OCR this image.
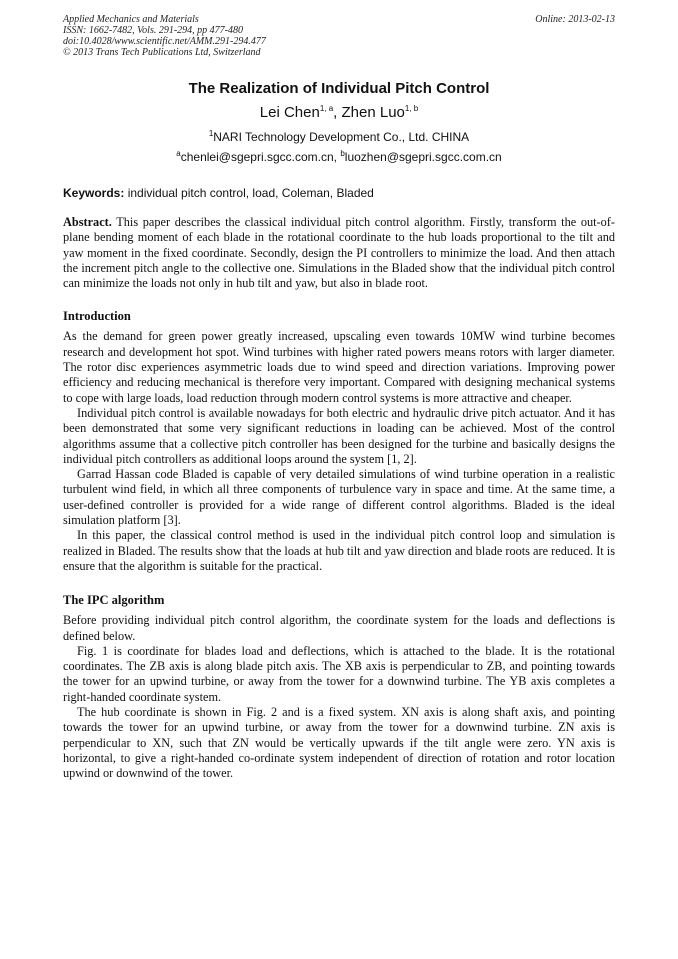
Applied Mechanics and Materials
ISSN: 1662-7482, Vols. 291-294, pp 477-480
doi:10.4028/www.scientific.net/AMM.291-294.477
© 2013 Trans Tech Publications Ltd, Switzerland
Online: 2013-02-13
The Realization of Individual Pitch Control
Lei Chen$^{1, a}$, Zhen Luo$^{1, b}$
$^1$NARI Technology Development Co., Ltd. CHINA
$^a$chenlei@sgepri.sgcc.com.cn, $^b$luozhen@sgepri.sgcc.com.cn
Keywords: individual pitch control, load, Coleman, Bladed

Abstract. This paper describes the classical individual pitch control algorithm. Firstly, transform the out-of-plane bending moment of each blade in the rotational coordinate to the hub loads proportional to the tilt and yaw moment in the fixed coordinate. Secondly, design the PI controllers to minimize the load. And then attach the increment pitch angle to the collective one. Simulations in the Bladed show that the individual pitch control can minimize the loads not only in hub tilt and yaw, but also in blade root.

Introduction

As the demand for green power greatly increased, upscaling even towards 10MW wind turbine becomes research and development hot spot. Wind turbines with higher rated powers means rotors with larger diameter. The rotor disc experiences asymmetric loads due to wind speed and direction variations. Improving power efficiency and reducing mechanical is therefore very important. Compared with designing mechanical systems to cope with large loads, load reduction through modern control systems is more attractive and cheaper.

Individual pitch control is available nowadays for both electric and hydraulic drive pitch actuator. And it has been demonstrated that some very significant reductions in loading can be achieved. Most of the control algorithms assume that a collective pitch controller has been designed for the turbine and basically designs the individual pitch controllers as additional loops around the system [1, 2].

Garrad Hassan code Bladed is capable of very detailed simulations of wind turbine operation in a realistic turbulent wind field, in which all three components of turbulence vary in space and time. At the same time, a user-defined controller is provided for a wide range of different control algorithms. Bladed is the ideal simulation platform [3].

In this paper, the classical control method is used in the individual pitch control loop and simulation is realized in Bladed. The results show that the loads at hub tilt and yaw direction and blade roots are reduced. It is ensure that the algorithm is suitable for the practical.

The IPC algorithm

Before providing individual pitch control algorithm, the coordinate system for the loads and deflections is defined below.

Fig. 1 is coordinate for blades load and deflections, which is attached to the blade. It is the rotational coordinates. The ZB axis is along blade pitch axis. The XB axis is perpendicular to ZB, and pointing towards the tower for an upwind turbine, or away from the tower for a downwind turbine. The YB axis completes a right-handed coordinate system.

The hub coordinate is shown in Fig. 2 and is a fixed system. XN axis is along shaft axis, and pointing towards the tower for an upwind turbine, or away from the tower for a downwind turbine. ZN axis is perpendicular to XN, such that ZN would be vertically upwards if the tilt angle were zero. YN axis is horizontal, to give a right-handed co-ordinate system independent of direction of rotation and rotor location upwind or downwind of the tower.
